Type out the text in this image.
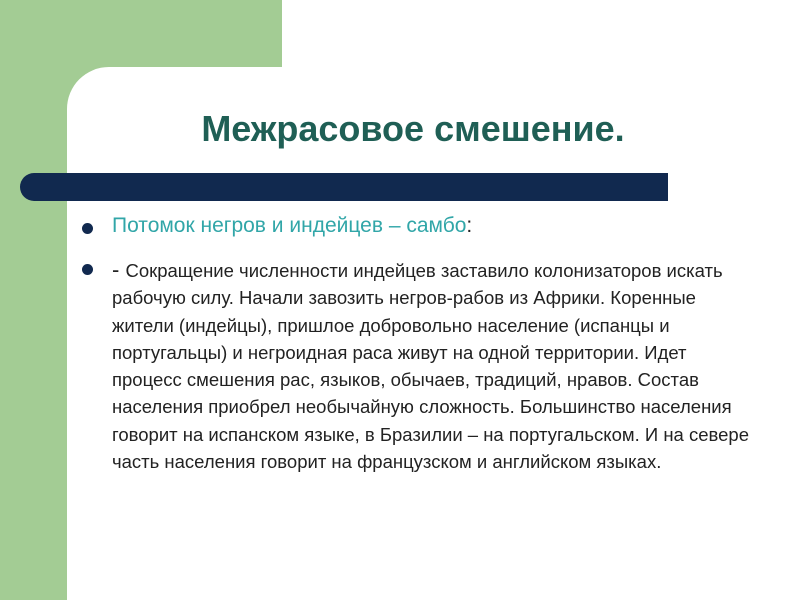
Межрасовое смешение.
Потомок негров и индейцев – самбо:
- Сокращение численности индейцев заставило колонизаторов искать рабочую силу. Начали завозить негров-рабов из Африки. Коренные жители (индейцы), пришлое добровольно население (испанцы и португальцы) и негроидная раса живут на одной территории. Идет процесс смешения рас, языков, обычаев, традиций, нравов. Состав населения приобрел необычайную сложность. Большинство населения говорит на испанском языке, в Бразилии – на португальском. И на севере часть населения говорит на французском и английском языках.
